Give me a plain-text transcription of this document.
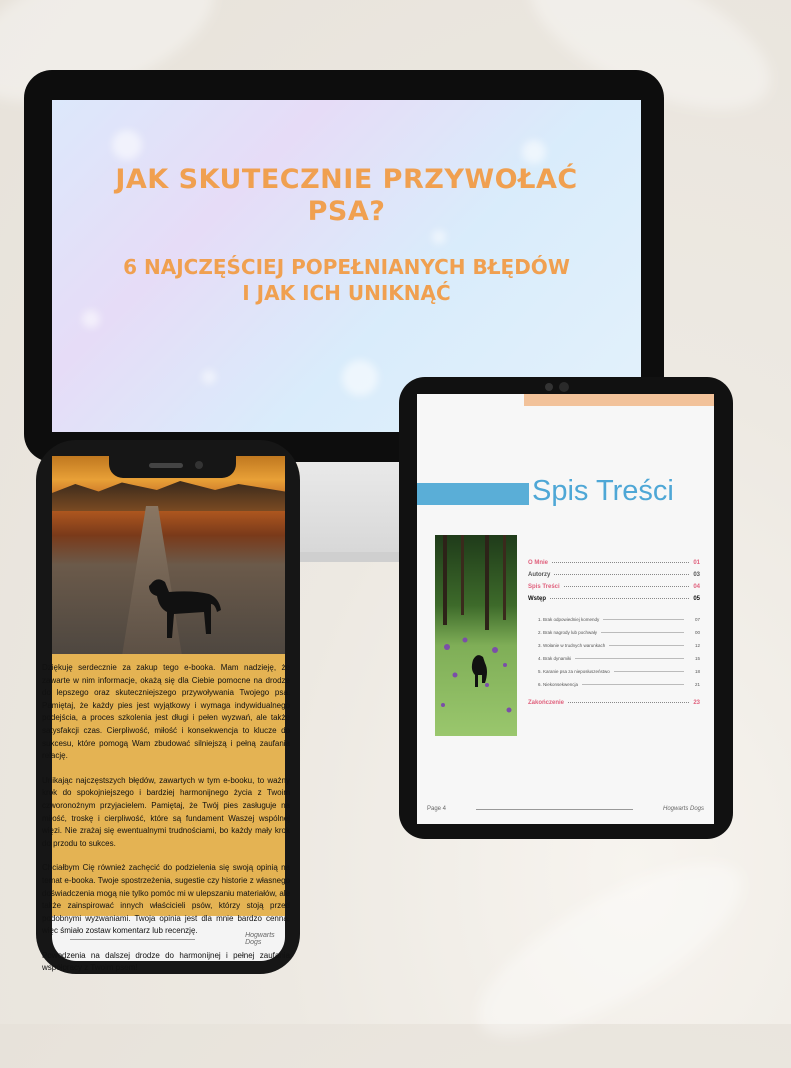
JAK SKUTECZNIE PRZYWOŁAĆ
PSA?
6 NAJCZĘŚCIEJ POPEŁNIANYCH BŁĘDÓW
I JAK ICH UNIKNĄĆ
Spis Treści
O Mnie	01
Autorzy	03
Spis Treści	04
Wstęp	05
1. Brak odpowiedniej komendy	07
2. Brak nagrody lub pochwały	00
3. Wołanie w trudnych warunkach	12
4. Brak dynamiki	15
5. Karanie psa za nieposłuszeństwo	18
6. Niekonsekwencja	21
Zakończenie	23
Page 4	Hogwarts Dogs

Dziękuję serdecznie za zakup tego e-booka. Mam nadzieję, że zawarte w nim informacje, okażą się dla Ciebie pomocne na drodze do lepszego oraz skuteczniejszego przywoływania Twojego psa. Pamiętaj, że każdy pies jest wyjątkowy i wymaga indywidualnego podejścia, a proces szkolenia jest długi i pełen wyzwań, ale także satysfakcji czas. Cierpliwość, miłość i konsekwencja to klucze do sukcesu, które pomogą Wam zbudować silniejszą i pełną zaufania relację.

Unikając najczęstszych błędów, zawartych w tym e-booku, to ważny krok do spokojniejszego i bardziej harmonijnego życia z Twoim czworonożnym przyjacielem. Pamiętaj, że Twój pies zasługuje na miłość, troskę i cierpliwość, które są fundament Waszej wspólnej więzi. Nie zrażaj się ewentualnymi trudnościami, bo każdy mały krok do przodu to sukces.

Chciałbym Cię również zachęcić do podzielenia się swoją opinią na temat e-booka. Twoje spostrzeżenia, sugestie czy historie z własnego doświadczenia mogą nie tylko pomóc mi w ulepszaniu materiałów, ale także zainspirować innych właścicieli psów, którzy stoją przed podobnymi wyzwaniami. Twoja opinia jest dla mnie bardzo cenna, więc śmiało zostaw komentarz lub recenzję.

Powodzenia na dalszej drodze do harmonijnej i pełnej zaufania współpracy z Twoim psem!

Hogwarts Dogs
